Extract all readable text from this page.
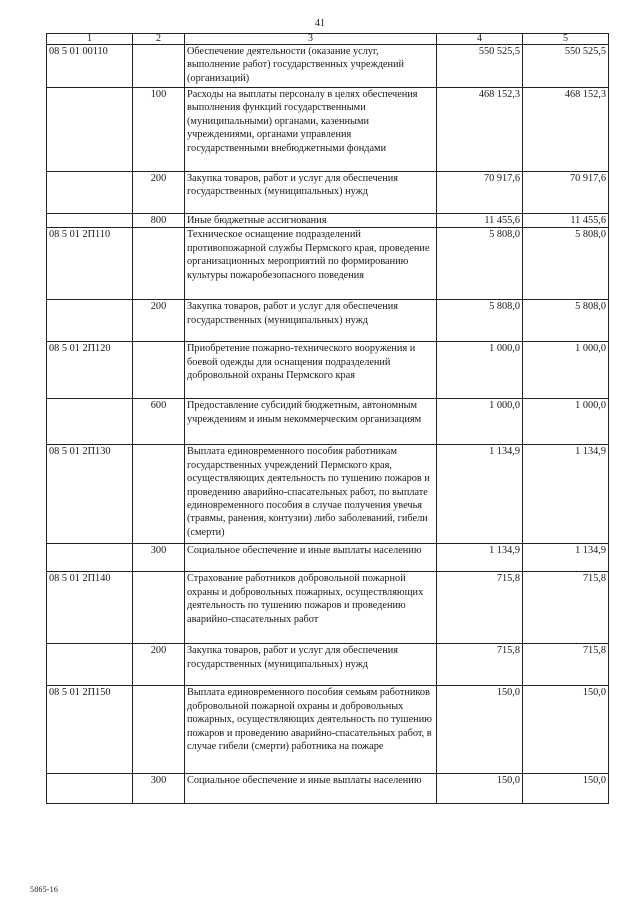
41
1	2	3	4	5
08 5 01 00110		Обеспечение деятельности (оказание услуг, выполнение работ) государственных учреждений (организаций)	550 525,5	550 525,5
	100	Расходы на выплаты персоналу в целях обеспечения выполнения функций государственными (муниципальными) органами, казенными учреждениями, органами управления государственными внебюджетными фондами	468 152,3	468 152,3
	200	Закупка товаров, работ и услуг для обеспечения государственных (муниципальных) нужд	70 917,6	70 917,6
	800	Иные бюджетные ассигнования	11 455,6	11 455,6
08 5 01 2П110		Техническое оснащение подразделений противопожарной службы Пермского края, проведение организационных мероприятий по формированию культуры пожаробезопасного поведения	5 808,0	5 808,0
	200	Закупка товаров, работ и услуг для обеспечения государственных (муниципальных) нужд	5 808,0	5 808,0
08 5 01 2П120		Приобретение пожарно-технического вооружения и боевой одежды для оснащения подразделений добровольной охраны Пермского края	1 000,0	1 000,0
	600	Предоставление субсидий бюджетным, автономным учреждениям и иным некоммерческим организациям	1 000,0	1 000,0
08 5 01 2П130		Выплата единовременного пособия работникам государственных учреждений Пермского края, осуществляющих деятельность по тушению пожаров и проведению аварийно-спасательных работ, по выплате единовременного пособия в случае получения увечья (травмы, ранения, контузии) либо заболеваний, гибели (смерти)	1 134,9	1 134,9
	300	Социальное обеспечение и иные выплаты населению	1 134,9	1 134,9
08 5 01 2П140		Страхование работников добровольной пожарной охраны и добровольных пожарных, осуществляющих деятельность по тушению пожаров и проведению аварийно-спасательных работ	715,8	715,8
	200	Закупка товаров, работ и услуг для обеспечения государственных (муниципальных) нужд	715,8	715,8
08 5 01 2П150		Выплата единовременного пособия семьям работников добровольной пожарной охраны и добровольных пожарных, осуществляющих деятельность по тушению пожаров и проведению аварийно-спасательных работ, в случае гибели (смерти) работника на пожаре	150,0	150,0
	300	Социальное обеспечение и иные выплаты населению	150,0	150,0
5865-16
